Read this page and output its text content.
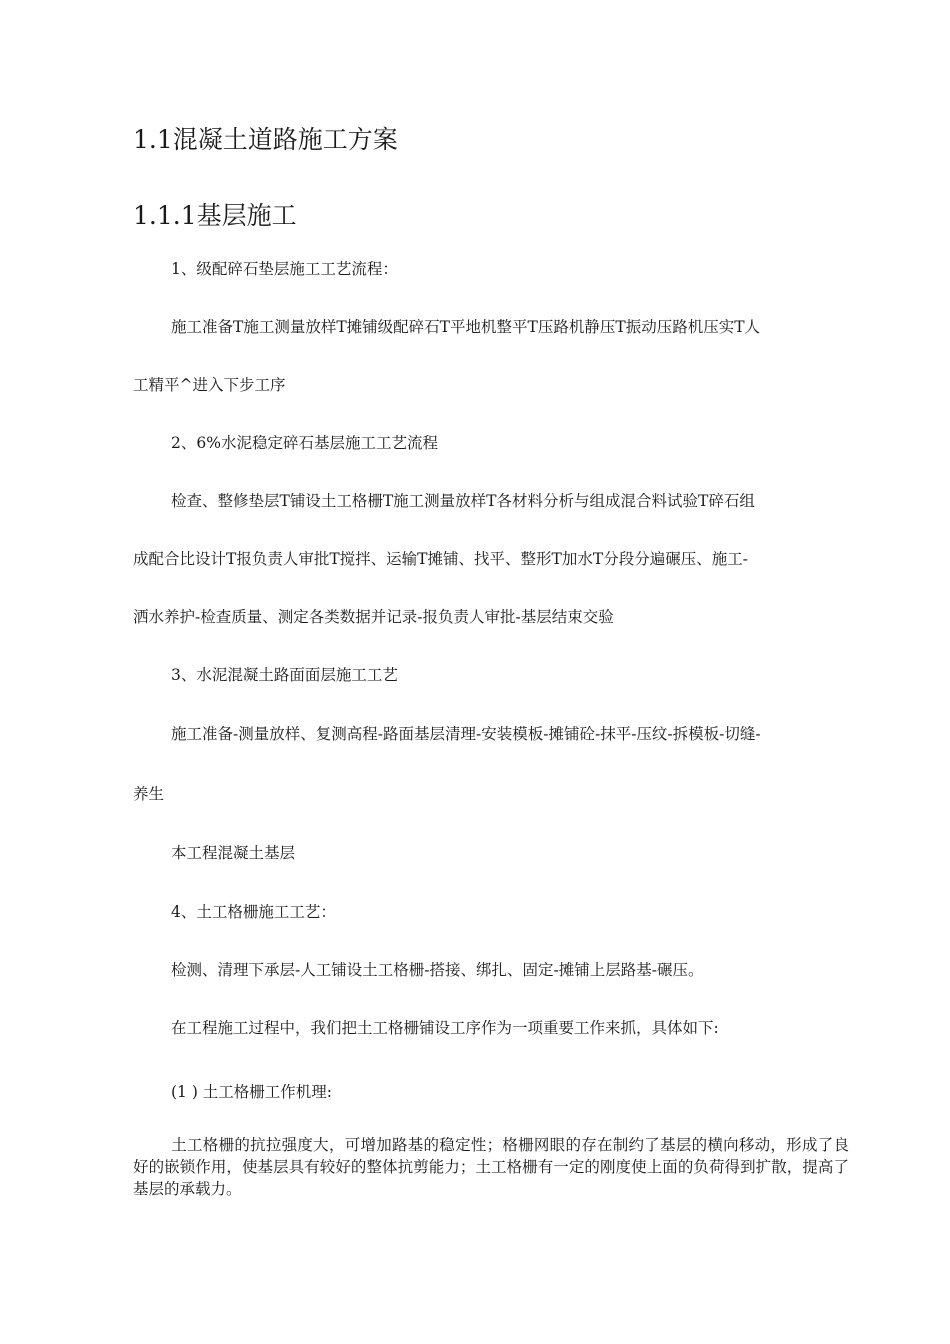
1.1混凝土道路施工方案
1.1.1基层施工

1、级配碎石垫层施工工艺流程：

施工准备T施工测量放样T摊铺级配碎石T平地机整平T压路机静压T振动压路机压实T人

工精平^进入下步工序

2、6%水泥稳定碎石基层施工工艺流程

检查、整修垫层T铺设土工格栅T施工测量放样T各材料分析与组成混合料试验T碎石组

成配合比设计T报负责人审批T搅拌、运输T摊铺、找平、整形T加水T分段分遍碾压、施工-

洒水养护-检查质量、测定各类数据并记录-报负责人审批-基层结束交验

3、水泥混凝土路面面层施工工艺

施工准备-测量放样、复测高程-路面基层清理-安装模板-摊铺砼-抹平-压纹-拆模板-切缝-

养生

本工程混凝土基层

4、土工格栅施工工艺：

检测、清理下承层-人工铺设土工格栅-搭接、绑扎、固定-摊铺上层路基-碾压。

在工程施工过程中，我们把土工格栅铺设工序作为一项重要工作来抓，具体如下:

(1 ) 土工格栅工作机理:

土工格栅的抗拉强度大，可增加路基的稳定性；格栅网眼的存在制约了基层的横向移动，形成了良好的嵌锁作用，使基层具有较好的整体抗剪能力；土工格栅有一定的刚度使上面的负荷得到扩散，提高了基层的承载力。
